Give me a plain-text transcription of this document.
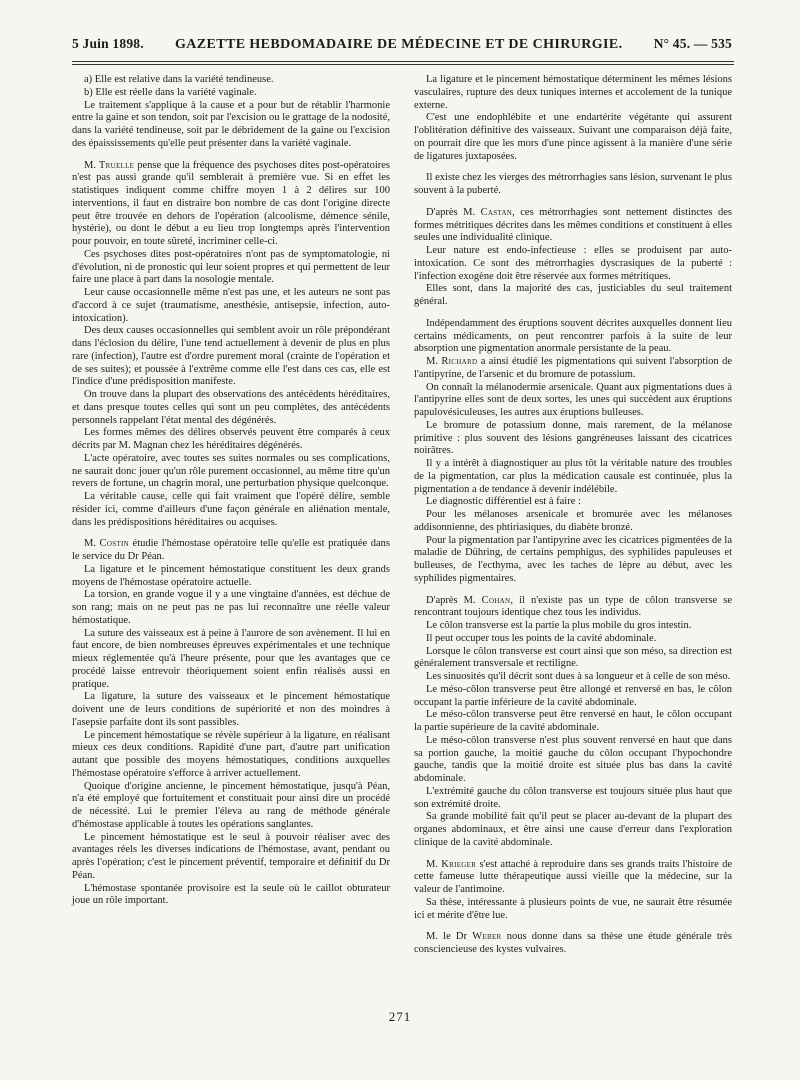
5 Juin 1898. GAZETTE HEBDOMADAIRE DE MÉDECINE ET DE CHIRURGIE. N° 45. — 535

a) Elle est relative dans la variété tendineuse.

b) Elle est réelle dans la variété vaginale.

Le traitement s'applique à la cause et a pour but de rétablir l'harmonie entre la gaine et son tendon, soit par l'excision ou le grattage de la nodosité, dans la variété tendineuse, soit par le débridement de la gaine ou l'excision des épaississements qu'elle peut présenter dans la variété vaginale.

M. Truelle pense que la fréquence des psychoses dites post-opératoires n'est pas aussi grande qu'il semblerait à première vue. Si en effet les statistiques indiquent comme chiffre moyen 1 à 2 délires sur 100 interventions, il faut en distraire bon nombre de cas dont l'origine directe peut être trouvée en dehors de l'opération (alcoolisme, démence sénile, hystérie), ou dont le début a eu lieu trop longtemps après l'intervention pour pouvoir, en toute sûreté, incriminer celle-ci.

Ces psychoses dites post-opératoires n'ont pas de symptomatologie, ni d'évolution, ni de pronostic qui leur soient propres et qui permettent de leur faire une place à part dans la nosologie mentale.

Leur cause occasionnelle même n'est pas une, et les auteurs ne sont pas d'accord à ce sujet (traumatisme, anesthésie, antisepsie, infection, auto-intoxication).

Des deux causes occasionnelles qui semblent avoir un rôle prépondérant dans l'éclosion du délire, l'une tend actuellement à devenir de plus en plus rare (infection), l'autre est d'ordre purement moral (crainte de l'opération et de ses suites); et poussée à l'extrême comme elle l'est dans ces cas, elle est l'indice d'une prédisposition manifeste.

On trouve dans la plupart des observations des antécédents héréditaires, et dans presque toutes celles qui sont un peu complètes, des antécédents personnels rappelant l'état mental des dégénérés.

Les formes mêmes des délires observés peuvent être comparés à ceux décrits par M. Magnan chez les héréditaires dégénérés.

L'acte opératoire, avec toutes ses suites normales ou ses complications, ne saurait donc jouer qu'un rôle purement occasionnel, au même titre qu'un revers de fortune, un chagrin moral, une perturbation physique quelconque.

La véritable cause, celle qui fait vraiment que l'opéré délire, semble résider ici, comme d'ailleurs d'une façon générale en aliénation mentale, dans les prédispositions héréditaires ou acquises.

M. Costin étudie l'hémostase opératoire telle qu'elle est pratiquée dans le service du Dr Péan.

La ligature et le pincement hémostatique constituent les deux grands moyens de l'hémostase opératoire actuelle.

La torsion, en grande vogue il y a une vingtaine d'années, est déchue de son rang; mais on ne peut pas ne pas lui reconnaître une réelle valeur hémostatique.

La suture des vaisseaux est à peine à l'aurore de son avènement. Il lui en faut encore, de bien nombreuses épreuves expérimentales et une technique mieux réglementée qu'à l'heure présente, pour que les avantages que ce procédé laisse entrevoir théoriquement soient enfin réalisés aussi en pratique.

La ligature, la suture des vaisseaux et le pincement hémostatique doivent une de leurs conditions de supériorité et non des moindres à l'asepsie parfaite dont ils sont passibles.

Le pincement hémostatique se révèle supérieur à la ligature, en réalisant mieux ces deux conditions. Rapidité d'une part, d'autre part unification autant que possible des moyens hémostatiques, conditions auxquelles l'hémostase opératoire s'efforce à arriver actuellement.

Quoique d'origine ancienne, le pincement hémostatique, jusqu'à Péan, n'a été employé que fortuitement et constituait pour ainsi dire un procédé de nécessité. Lui le premier l'éleva au rang de méthode générale d'hémostase applicable à toutes les opérations sanglantes.

Le pincement hémostatique est le seul à pouvoir réaliser avec des avantages réels les diverses indications de l'hémostase, avant, pendant ou après l'opération; c'est le pincement préventif, temporaire et définitif du Dr Péan.

L'hémostase spontanée provisoire est la seule où le caillot obturateur joue un rôle important.

La ligature et le pincement hémostatique déterminent les mêmes lésions vasculaires, rupture des deux tuniques internes et accolement de la tunique externe.

C'est une endophlébite et une endartérite végétante qui assurent l'oblitération définitive des vaisseaux. Suivant une comparaison déjà faite, on pourrait dire que les mors d'une pince agissent à la manière d'une série de ligatures juxtaposées.

Il existe chez les vierges des métrorrhagies sans lésion, survenant le plus souvent à la puberté.

D'après M. Castan, ces métrorrhagies sont nettement distinctes des formes métritiques décrites dans les mêmes conditions et constituent à elles seules une individualité clinique.

Leur nature est endo-infectieuse : elles se produisent par auto-intoxication. Ce sont des métrorrhagies dyscrasiques de la puberté : l'infection exogène doit être réservée aux formes métritiques.

Elles sont, dans la majorité des cas, justiciables du seul traitement général.

Indépendamment des éruptions souvent décrites auxquelles donnent lieu certains médicaments, on peut rencontrer parfois à la suite de leur absorption une pigmentation anormale persistante de la peau.

M. Richard a ainsi étudié les pigmentations qui suivent l'absorption de l'antipyrine, de l'arsenic et du bromure de potassium.

On connaît la mélanodermie arsenicale. Quant aux pigmentations dues à l'antipyrine elles sont de deux sortes, les unes qui succèdent aux éruptions papulovésiculeuses, les autres aux éruptions bulleuses.

Le bromure de potassium donne, mais rarement, de la mélanose primitive : plus souvent des lésions gangréneuses laissant des cicatrices noirâtres.

Il y a intérêt à diagnostiquer au plus tôt la véritable nature des troubles de la pigmentation, car plus la médication causale est continuée, plus la pigmentation a de tendance à devenir indélébile.

Le diagnostic différentiel est à faire :

Pour les mélanoses arsenicale et bromurée avec les mélanoses addisonnienne, des phtiriasiques, du diabète bronzé.

Pour la pigmentation par l'antipyrine avec les cicatrices pigmentées de la maladie de Dühring, de certains pemphigus, des syphilides papuleuses et bulleuses, de l'ecthyma, avec les taches de lèpre au début, avec les syphilides pigmentaires.

D'après M. Cohan, il n'existe pas un type de côlon transverse se rencontrant toujours identique chez tous les individus.

Le côlon transverse est la partie la plus mobile du gros intestin.

Il peut occuper tous les points de la cavité abdominale.

Lorsque le côlon transverse est court ainsi que son méso, sa direction est généralement transversale et rectiligne.

Les sinuosités qu'il décrit sont dues à sa longueur et à celle de son méso.

Le méso-côlon transverse peut être allongé et renversé en bas, le côlon occupant la partie inférieure de la cavité abdominale.

Le méso-côlon transverse peut être renversé en haut, le côlon occupant la partie supérieure de la cavité abdominale.

Le méso-côlon transverse n'est plus souvent renversé en haut que dans sa portion gauche, la moitié gauche du côlon occupant l'hypochondre gauche, tandis que la moitié droite est située plus bas dans la cavité abdominale.

L'extrémité gauche du côlon transverse est toujours située plus haut que son extrémité droite.

Sa grande mobilité fait qu'il peut se placer au-devant de la plupart des organes abdominaux, et être ainsi une cause d'erreur dans l'exploration clinique de la cavité abdominale.

M. Krieger s'est attaché à reproduire dans ses grands traits l'histoire de cette fameuse lutte thérapeutique aussi vieille que la médecine, sur la valeur de l'antimoine.

Sa thèse, intéressante à plusieurs points de vue, ne saurait être résumée ici et mérite d'être lue.

M. le Dr Weber nous donne dans sa thèse une étude générale très consciencieuse des kystes vulvaires.

271
